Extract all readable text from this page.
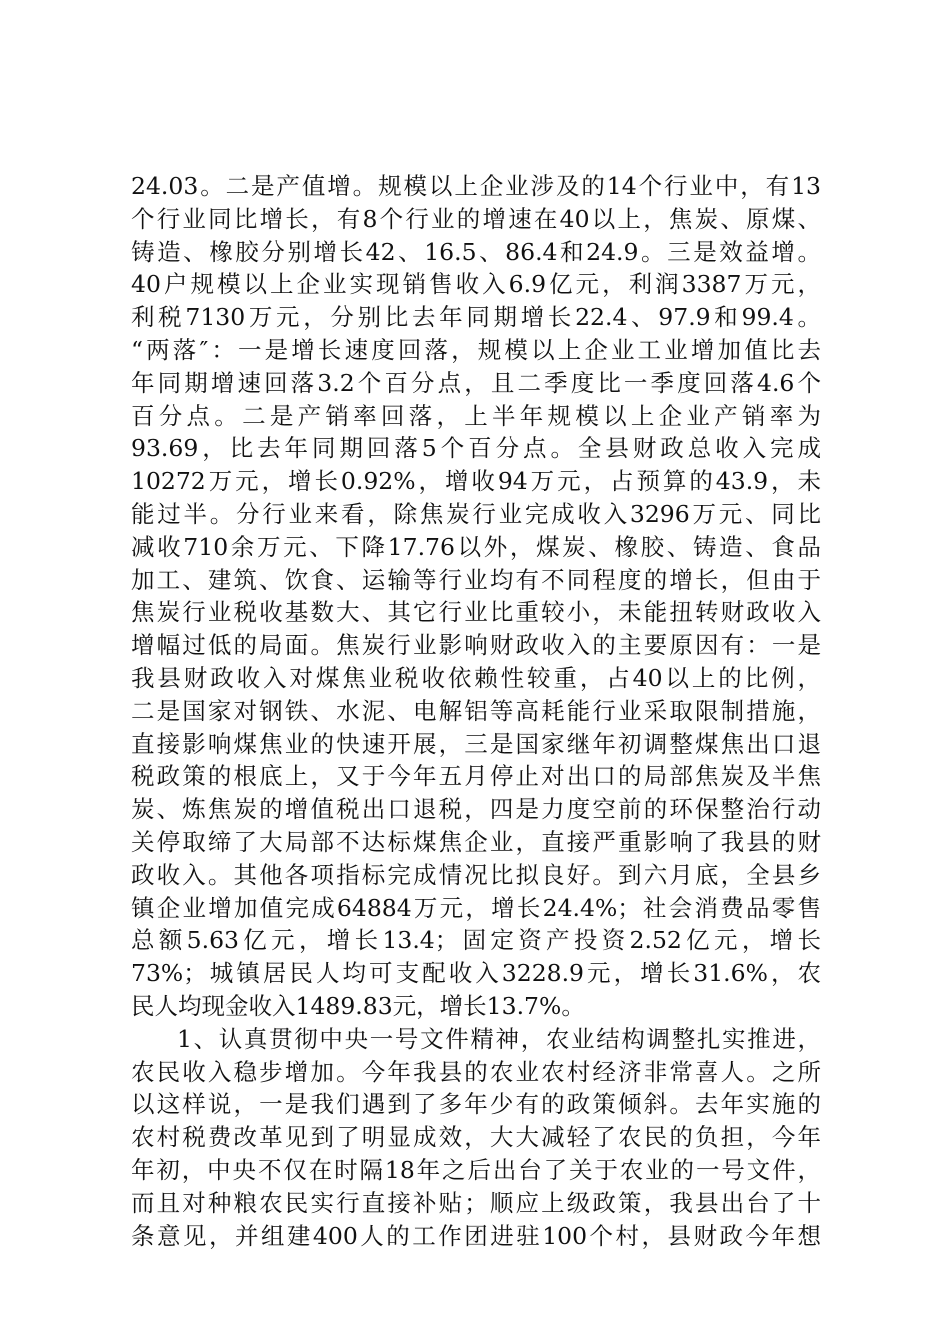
24.03。二是产值增。规模以上企业涉及的14个行业中，有13
个行业同比增长，有8个行业的增速在40以上，焦炭、原煤、
铸造、橡胶分别增长42、16.5、86.4和24.9。三是效益增。
40户规模以上企业实现销售收入6.9亿元，利润3387万元，
利税7130万元，分别比去年同期增长22.4、97.9和99.4。
“两落″：一是增长速度回落，规模以上企业工业增加值比去
年同期增速回落3.2个百分点，且二季度比一季度回落4.6个
百分点。二是产销率回落，上半年规模以上企业产销率为
93.69，比去年同期回落5个百分点。全县财政总收入完成
10272万元，增长0.92%，增收94万元，占预算的43.9，未
能过半。分行业来看，除焦炭行业完成收入3296万元、同比
减收710余万元、下降17.76以外，煤炭、橡胶、铸造、食品
加工、建筑、饮食、运输等行业均有不同程度的增长，但由于
焦炭行业税收基数大、其它行业比重较小，未能扭转财政收入
增幅过低的局面。焦炭行业影响财政收入的主要原因有：一是
我县财政收入对煤焦业税收依赖性较重，占40以上的比例，
二是国家对钢铁、水泥、电解铝等高耗能行业采取限制措施，
直接影响煤焦业的快速开展，三是国家继年初调整煤焦出口退
税政策的根底上，又于今年五月停止对出口的局部焦炭及半焦
炭、炼焦炭的增值税出口退税，四是力度空前的环保整治行动
关停取缔了大局部不达标煤焦企业，直接严重影响了我县的财
政收入。其他各项指标完成情况比拟良好。到六月底，全县乡
镇企业增加值完成64884万元，增长24.4%；社会消费品零售
总额5.63亿元，增长13.4；固定资产投资2.52亿元，增长
73%；城镇居民人均可支配收入3228.9元，增长31.6%，农
民人均现金收入1489.83元，增长13.7%。
1、认真贯彻中央一号文件精神，农业结构调整扎实推进，
农民收入稳步增加。今年我县的农业农村经济非常喜人。之所
以这样说，一是我们遇到了多年少有的政策倾斜。去年实施的
农村税费改革见到了明显成效，大大减轻了农民的负担，今年
年初，中央不仅在时隔18年之后出台了关于农业的一号文件，
而且对种粮农民实行直接补贴；顺应上级政策，我县出台了十
条意见，并组建400人的工作团进驻100个村，县财政今年想
